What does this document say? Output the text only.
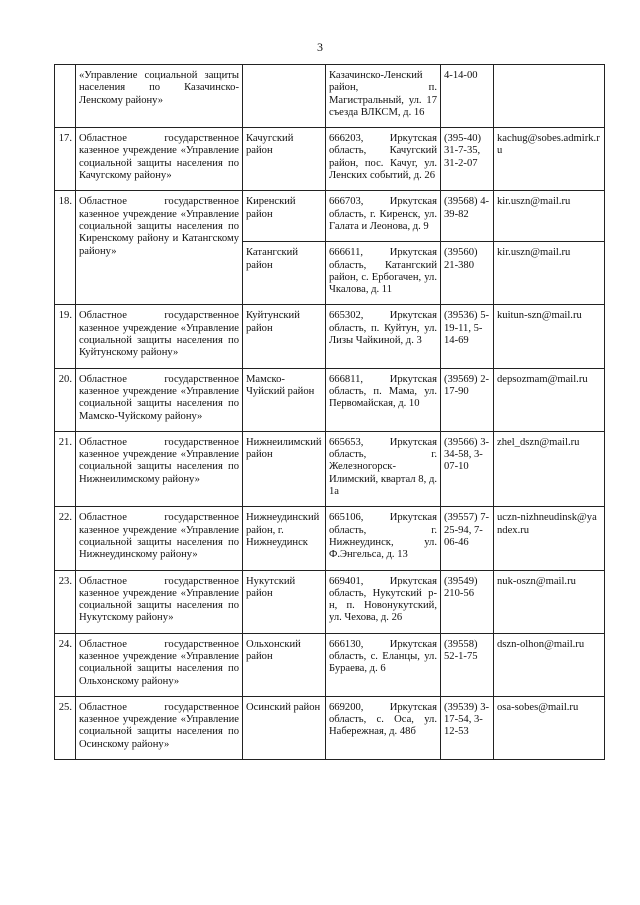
3
	«Управление социальной защиты населения по Казачинско-Ленскому району»		Казачинско-Ленский район, п. Магистральный, ул. 17 съезда ВЛКСМ, д. 16	4-14-00	
17.	Областное государственное казенное учреждение «Управление социальной защиты населения по Качугскому району»	Качугский район	666203, Иркутская область, Качугский район, пос. Качуг, ул. Ленских событий, д. 26	(395-40) 31-7-35, 31-2-07	kachug@sobes.admirk.ru
18.	Областное государственное казенное учреждение «Управление социальной защиты населения по Киренскому району и Катангскому району»	Киренский район	666703, Иркутская область, г. Киренск, ул. Галата и Леонова, д. 9	(39568) 4-39-82	kir.uszn@mail.ru
		Катангский район	666611, Иркутская область, Катангский район, с. Ербогачен, ул. Чкалова, д. 11	(39560) 21-380	kir.uszn@mail.ru
19.	Областное государственное казенное учреждение «Управление социальной защиты населения по Куйтунскому району»	Куйтунский район	665302, Иркутская область, п. Куйтун, ул. Лизы Чайкиной, д. 3	(39536) 5-19-11, 5-14-69	kuitun-szn@mail.ru
20.	Областное государственное казенное учреждение «Управление социальной защиты населения по Мамско-Чуйскому району»	Мамско-Чуйский район	666811, Иркутская область, п. Мама, ул. Первомайская, д. 10	(39569) 2-17-90	depsozmam@mail.ru
21.	Областное государственное казенное учреждение «Управление социальной защиты населения по Нижнеилимскому району»	Нижнеилимский район	665653, Иркутская область, г. Железногорск-Илимский, квартал 8, д. 1а	(39566) 3-34-58, 3-07-10	zhel_dszn@mail.ru
22.	Областное государственное казенное учреждение «Управление социальной защиты населения по Нижнеудинскому району»	Нижнеудинский район, г. Нижнеудинск	665106, Иркутская область, г. Нижнеудинск, ул. Ф.Энгельса, д. 13	(39557) 7-25-94, 7-06-46	uczn-nizhneudinsk@yandex.ru
23.	Областное государственное казенное учреждение «Управление социальной защиты населения по Нукутскому району»	Нукутский район	669401, Иркутская область, Нукутский р-н, п. Новонукутский, ул. Чехова, д. 26	(39549) 210-56	nuk-oszn@mail.ru
24.	Областное государственное казенное учреждение «Управление социальной защиты населения по Ольхонскому району»	Ольхонский район	666130, Иркутская область, с. Еланцы, ул. Бураева, д. 6	(39558) 52-1-75	dszn-olhon@mail.ru
25.	Областное государственное казенное учреждение «Управление социальной защиты населения по Осинскому району»	Осинский район	669200, Иркутская область, с. Оса, ул. Набережная, д. 48б	(39539) 3-17-54, 3-12-53	osa-sobes@mail.ru
